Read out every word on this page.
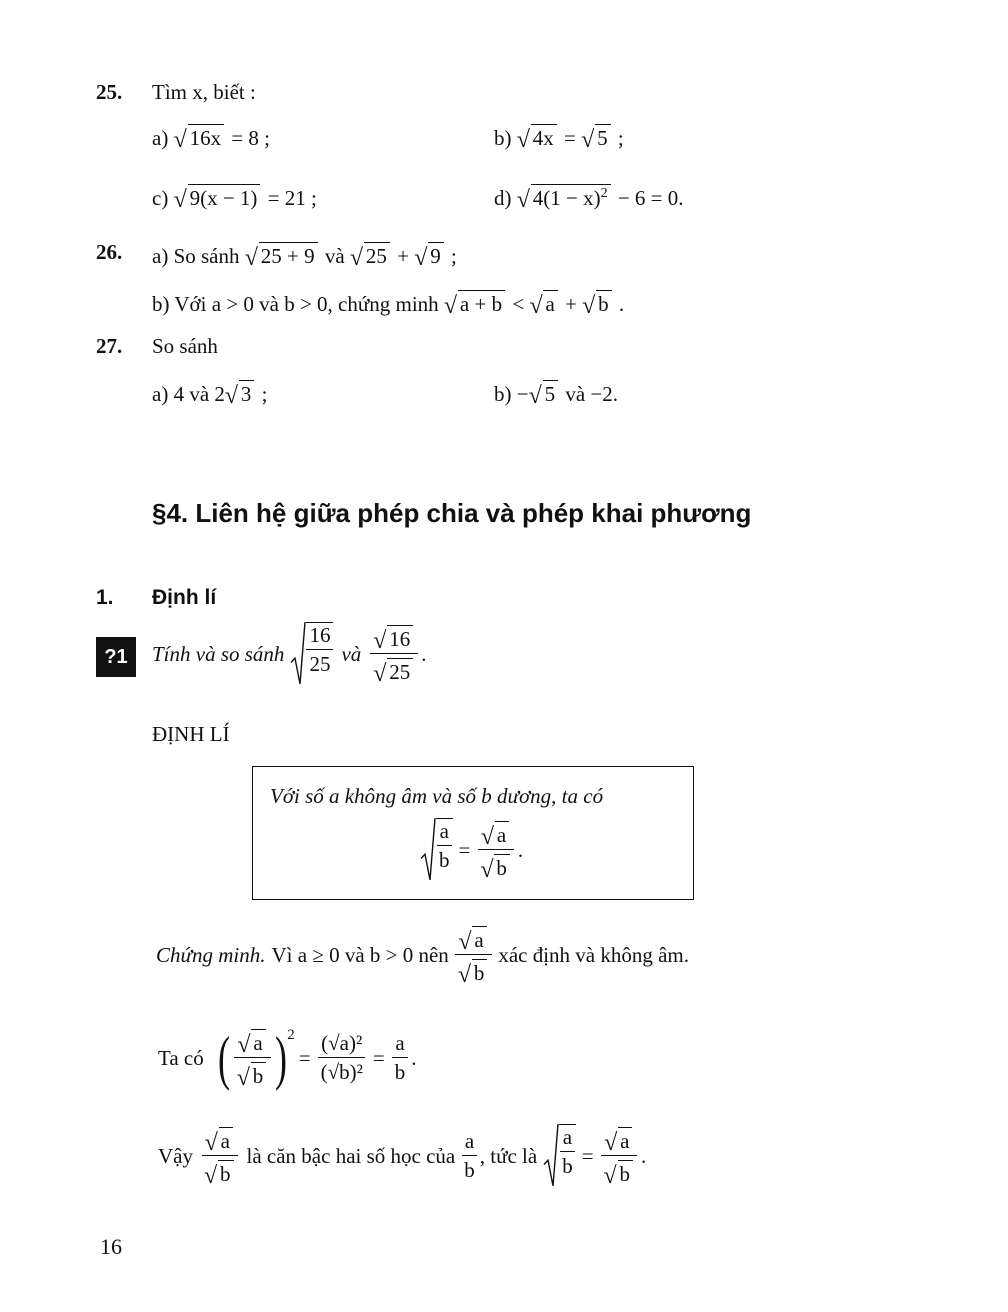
25. Tìm x, biết :
a) √ 16x = 8 ;	b) √ 4x = √ 5 ;
c) √ 9(x − 1) = 21 ;	d) √ $4(1 - x)^2 - 6 = 0$.
26. a) So sánh √ 25 + 9 và √ 25 + √ 9 ;
b) Với a > 0 và b > 0, chứng minh √ a + b < √ a + √ b .
27. So sánh
a) 4 và 2 √ 3 ;	b) − √ 5 và −2.
§4. Liên hệ giữa phép chia và phép khai phương
1. Định lí
?1	Tính và so sánh $\frac{16}{25}$ và √ 16
√ 25 .
ĐỊNH LÍ
Với số a không âm và số b dương, ta có
$\frac{a}{b}$ = √ a
√ b .
Chứng minh. Vì a ≥ 0 và b > 0 nên √ a
√ b xác định và không âm.
Ta có ( √ a
√ b )$^2$
= $\frac{\text{(√a)²}}{\text{(√b)²}} = \frac{a}{b}$ .
Vậy √ a
√ b là căn bậc hai số học của $\frac{a}{b}$ , tức là $\frac{a}{b}$ = √ a
√ b .
16
